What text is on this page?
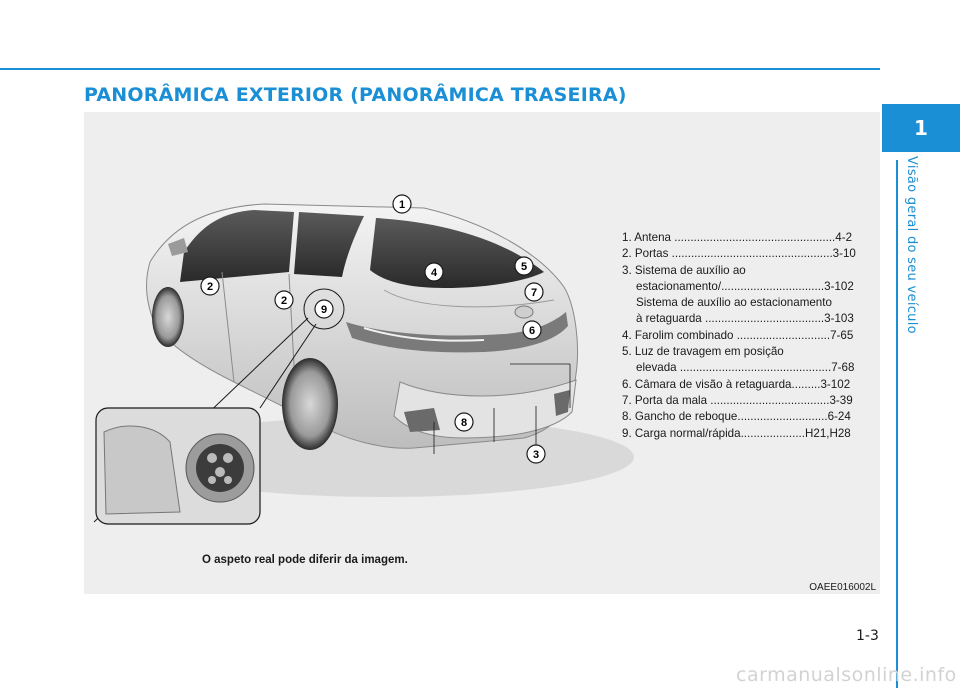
PANORÂMICA EXTERIOR (PANORÂMICA TRASEIRA)
1
Visão geral do seu veículo
1
2
2
3
4	5
6
7
8
9
1. Antena ..................................................4-2
2. Portas ..................................................3-10
3. Sistema de auxílio ao
estacionamento/................................3-102
Sistema de auxílio ao estacionamento
à retaguarda .....................................3-103
4. Farolim combinado .............................7-65
5. Luz de travagem em posição
elevada ...............................................7-68
6. Câmara de visão à retaguarda.........3-102
7. Porta da mala .....................................3-39
8. Gancho de reboque............................6-24
9. Carga normal/rápida....................H21,H28
O aspeto real pode diferir da imagem.
OAEE016002L
1-3
carmanualsonline.info
